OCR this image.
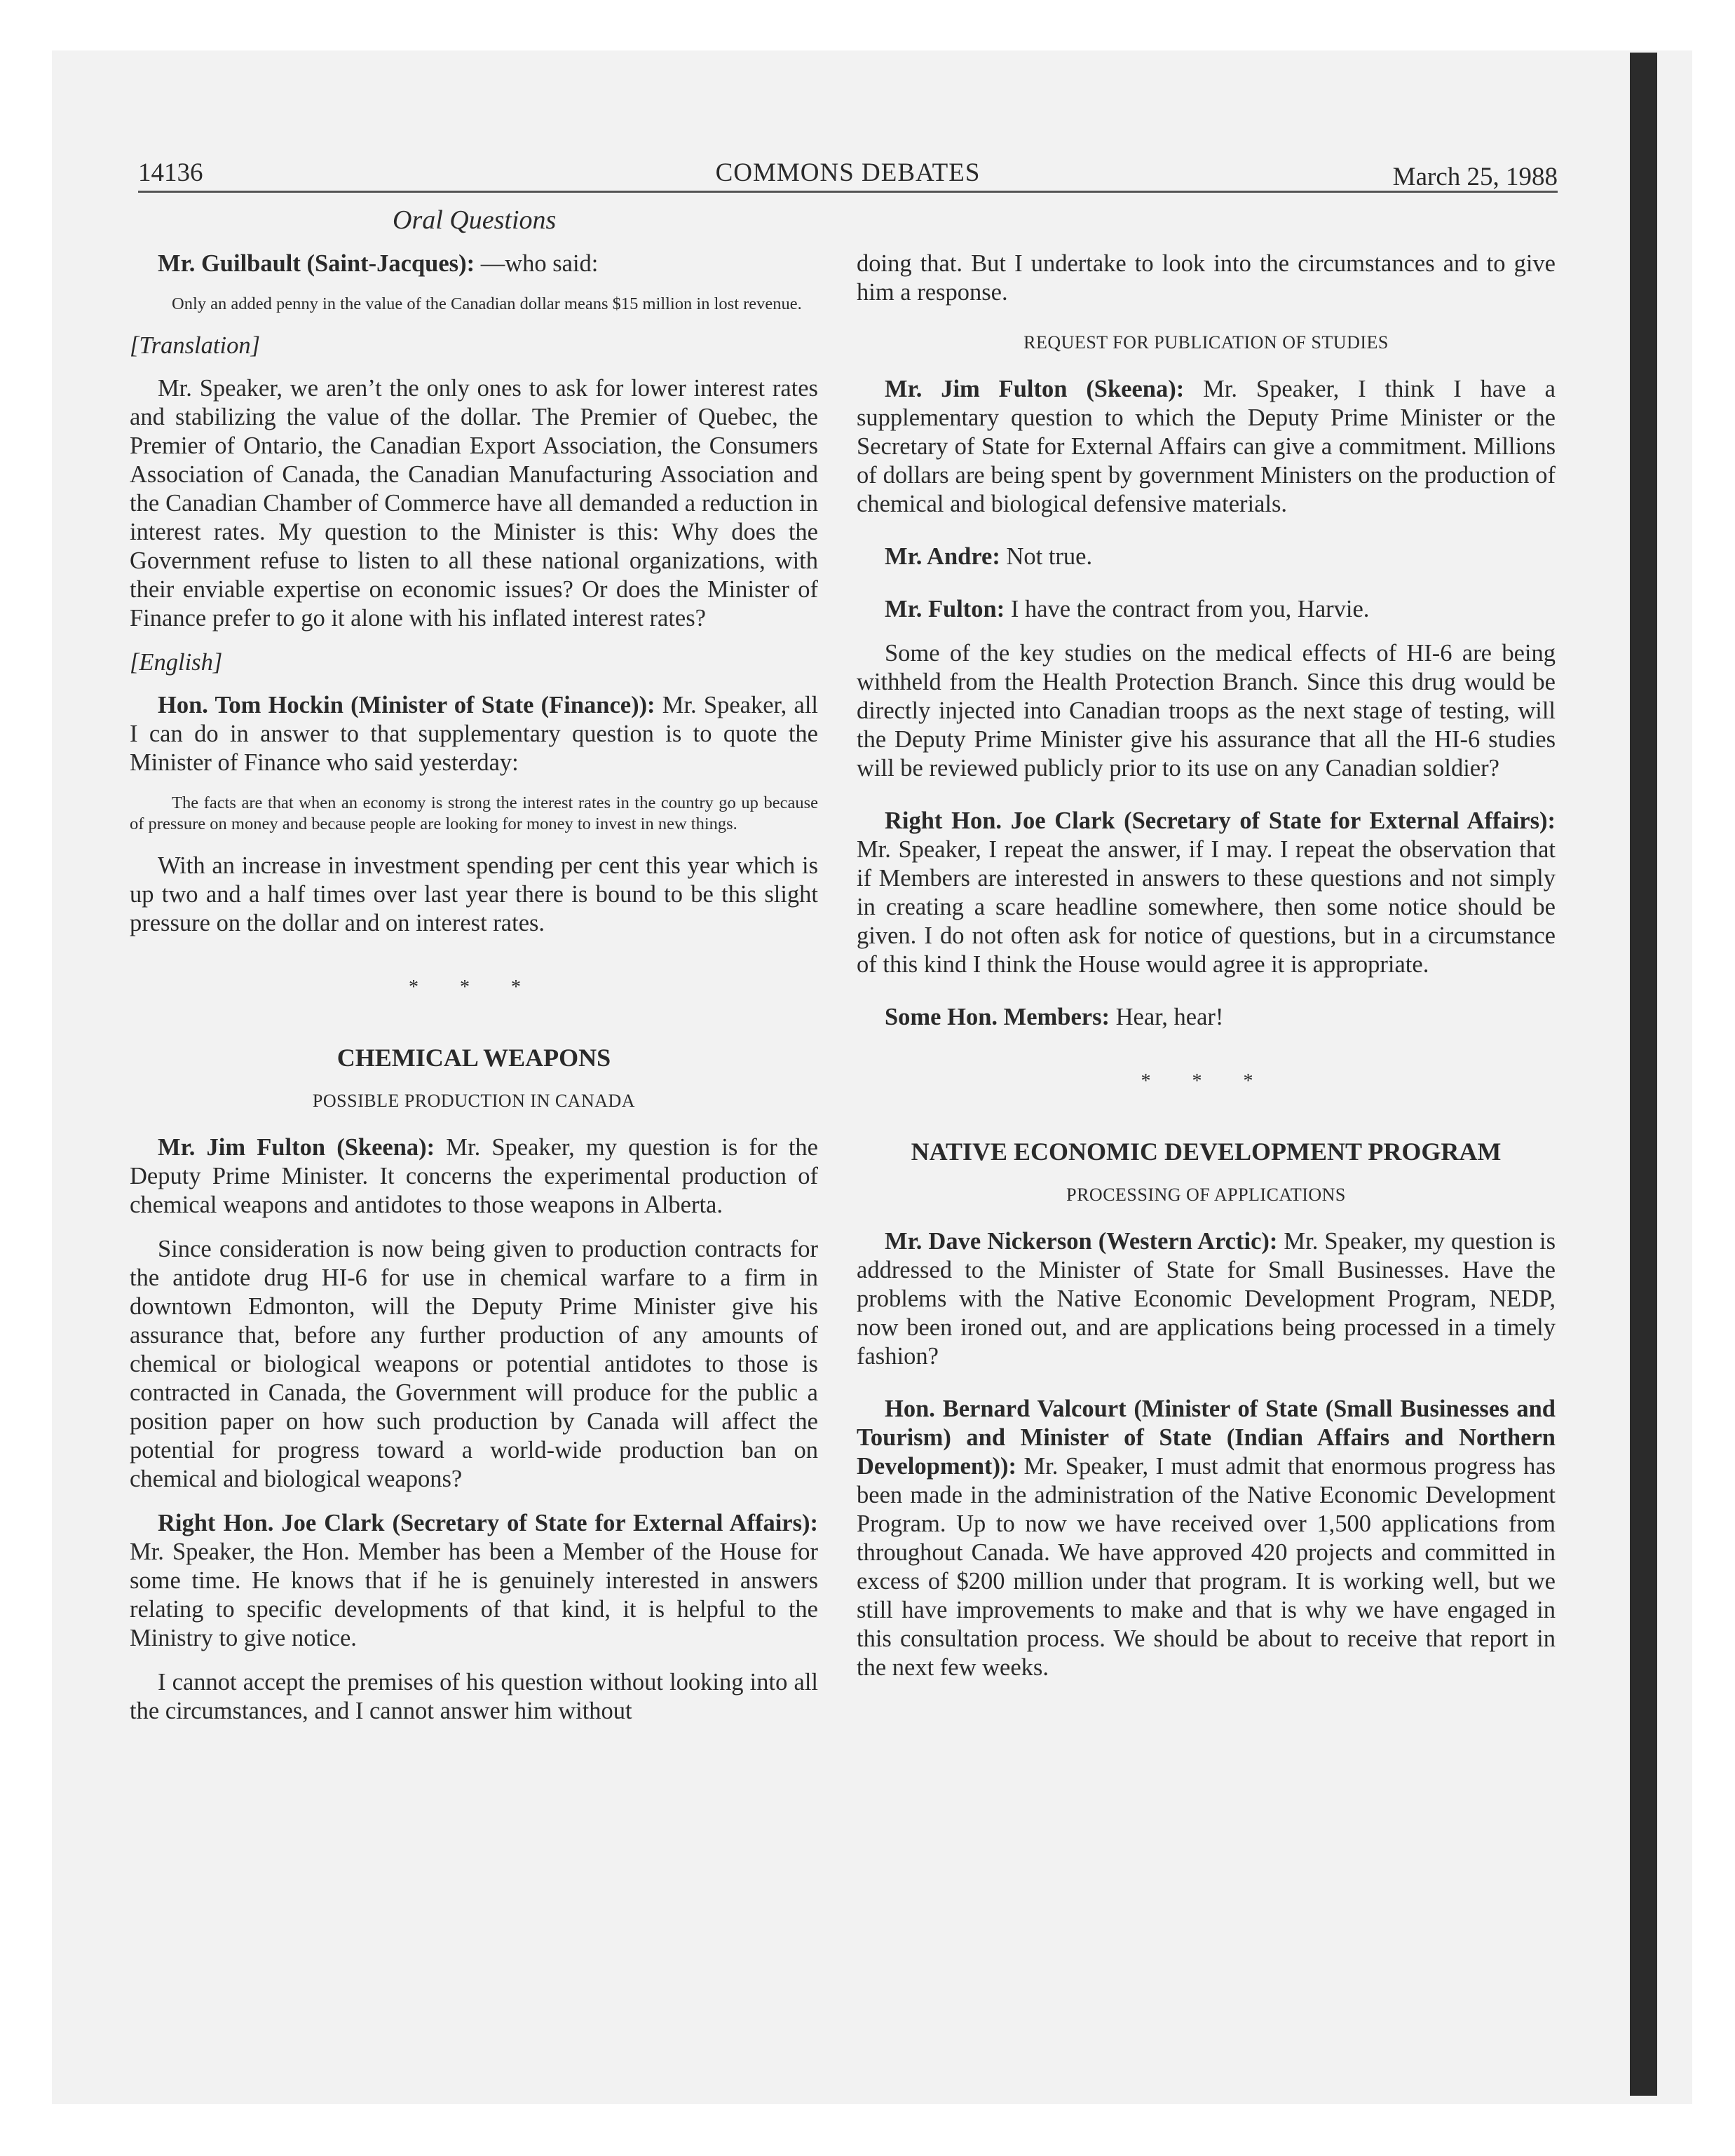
14136	COMMONS DEBATES	March 25, 1988
Oral Questions

Mr. Guilbault (Saint-Jacques): —who said:

Only an added penny in the value of the Canadian dollar means $15 million in lost revenue.

[Translation]

Mr. Speaker, we aren’t the only ones to ask for lower interest rates and stabilizing the value of the dollar. The Premier of Quebec, the Premier of Ontario, the Canadian Export Association, the Consumers Association of Canada, the Canadian Manufacturing Association and the Canadian Chamber of Commerce have all demanded a reduction in interest rates. My question to the Minister is this: Why does the Government refuse to listen to all these national organizations, with their enviable expertise on economic issues? Or does the Minister of Finance prefer to go it alone with his inflated interest rates?

[English]

Hon. Tom Hockin (Minister of State (Finance)): Mr. Speaker, all I can do in answer to that supplementary question is to quote the Minister of Finance who said yesterday:

The facts are that when an economy is strong the interest rates in the country go up because of pressure on money and because people are looking for money to invest in new things.

With an increase in investment spending per cent this year which is up two and a half times over last year there is bound to be this slight pressure on the dollar and on interest rates.

* * *
CHEMICAL WEAPONS
POSSIBLE PRODUCTION IN CANADA

Mr. Jim Fulton (Skeena): Mr. Speaker, my question is for the Deputy Prime Minister. It concerns the experimental production of chemical weapons and antidotes to those weapons in Alberta.

Since consideration is now being given to production contracts for the antidote drug HI-6 for use in chemical warfare to a firm in downtown Edmonton, will the Deputy Prime Minister give his assurance that, before any further production of any amounts of chemical or biological weapons or potential antidotes to those is contracted in Canada, the Government will produce for the public a position paper on how such production by Canada will affect the potential for progress toward a world-wide production ban on chemical and biological weapons?

Right Hon. Joe Clark (Secretary of State for External Affairs): Mr. Speaker, the Hon. Member has been a Member of the House for some time. He knows that if he is genuinely interested in answers relating to specific developments of that kind, it is helpful to the Ministry to give notice.

I cannot accept the premises of his question without looking into all the circumstances, and I cannot answer him without

doing that. But I undertake to look into the circumstances and to give him a response.

REQUEST FOR PUBLICATION OF STUDIES

Mr. Jim Fulton (Skeena): Mr. Speaker, I think I have a supplementary question to which the Deputy Prime Minister or the Secretary of State for External Affairs can give a commitment. Millions of dollars are being spent by government Ministers on the production of chemical and biological defensive materials.

Mr. Andre: Not true.

Mr. Fulton: I have the contract from you, Harvie.

Some of the key studies on the medical effects of HI-6 are being withheld from the Health Protection Branch. Since this drug would be directly injected into Canadian troops as the next stage of testing, will the Deputy Prime Minister give his assurance that all the HI-6 studies will be reviewed publicly prior to its use on any Canadian soldier?

Right Hon. Joe Clark (Secretary of State for External Affairs): Mr. Speaker, I repeat the answer, if I may. I repeat the observation that if Members are interested in answers to these questions and not simply in creating a scare headline somewhere, then some notice should be given. I do not often ask for notice of questions, but in a circumstance of this kind I think the House would agree it is appropriate.

Some Hon. Members: Hear, hear!

* * *
NATIVE ECONOMIC DEVELOPMENT PROGRAM
PROCESSING OF APPLICATIONS

Mr. Dave Nickerson (Western Arctic): Mr. Speaker, my question is addressed to the Minister of State for Small Businesses. Have the problems with the Native Economic Development Program, NEDP, now been ironed out, and are applications being processed in a timely fashion?

Hon. Bernard Valcourt (Minister of State (Small Businesses and Tourism) and Minister of State (Indian Affairs and Northern Development)): Mr. Speaker, I must admit that enormous progress has been made in the administration of the Native Economic Development Program. Up to now we have received over 1,500 applications from throughout Canada. We have approved 420 projects and committed in excess of $200 million under that program. It is working well, but we still have improvements to make and that is why we have engaged in this consultation process. We should be about to receive that report in the next few weeks.
